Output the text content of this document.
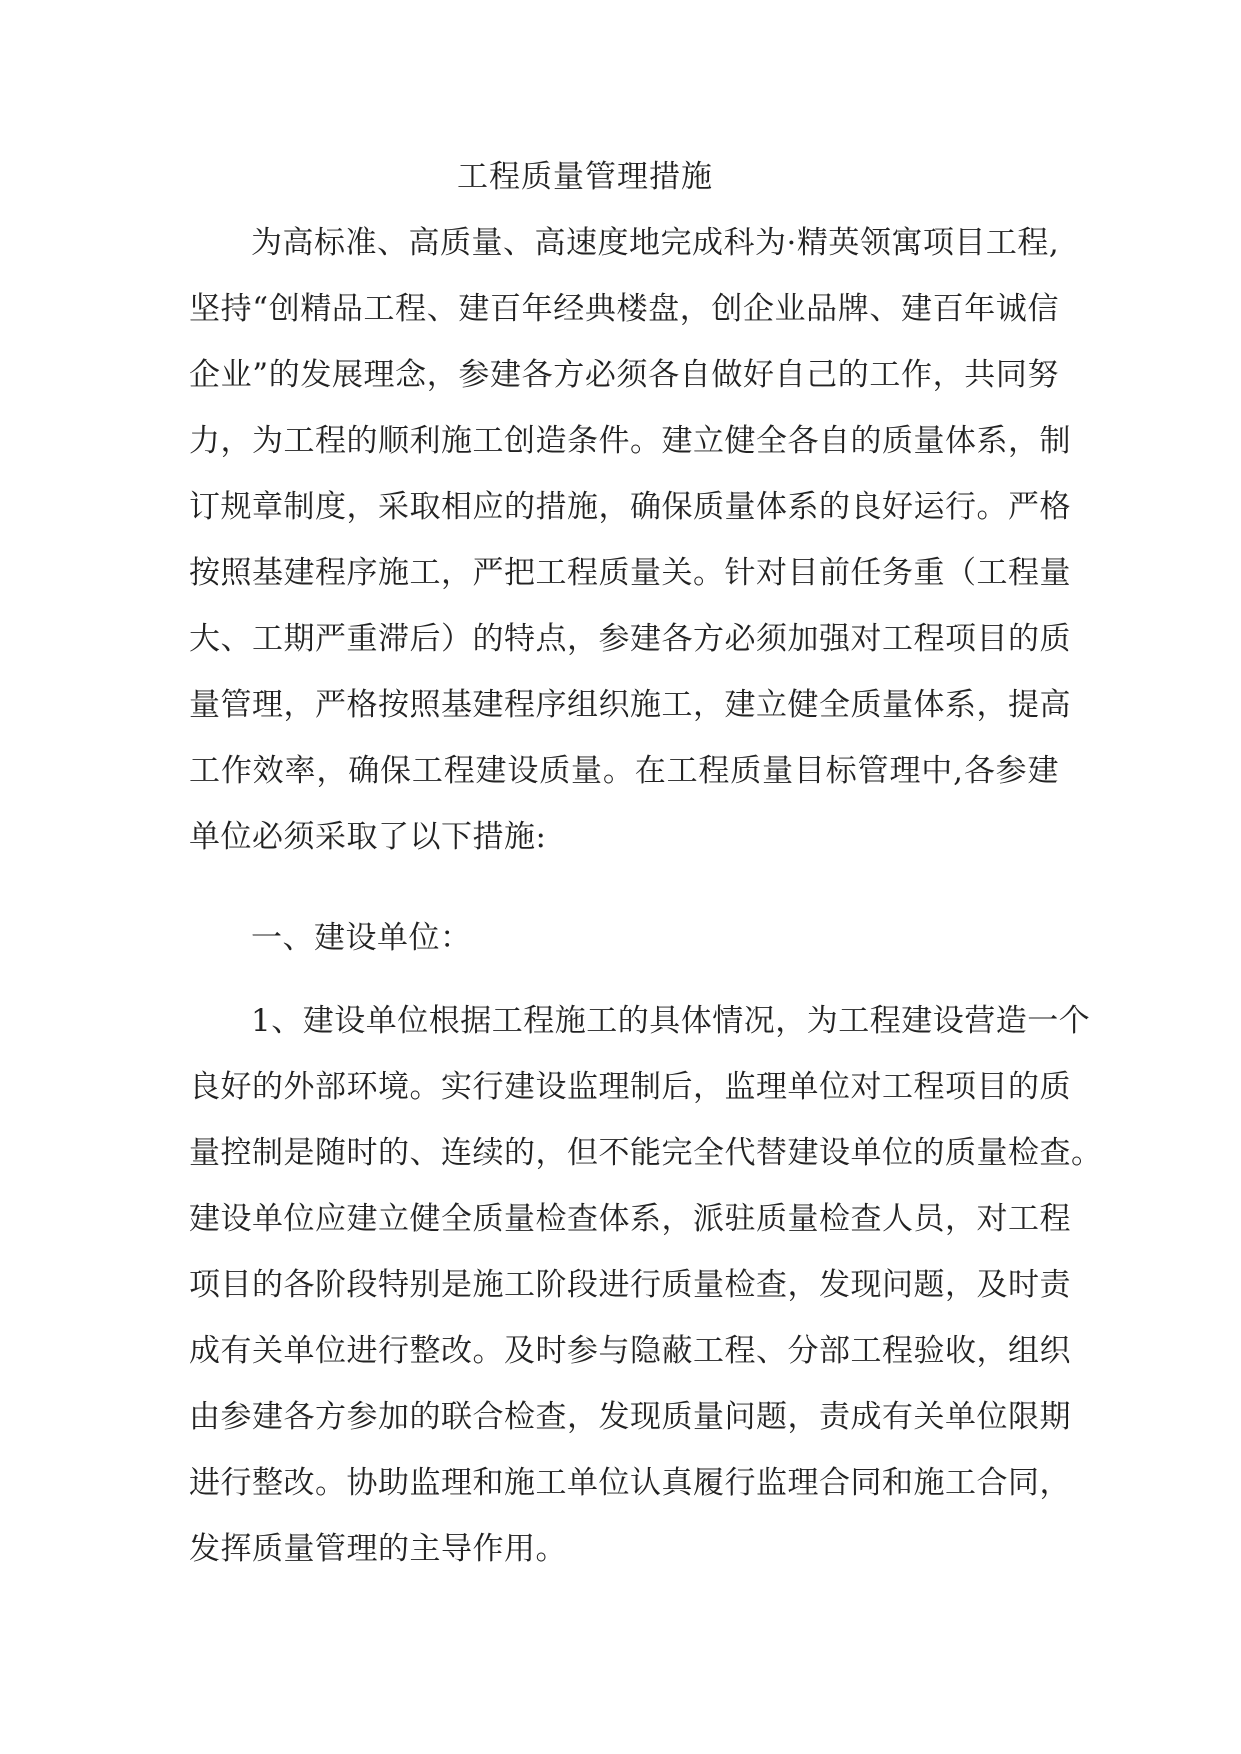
工程质量管理措施
为高标准、高质量、高速度地完成科为·精英领寓项目工程,
坚持“创精品工程、建百年经典楼盘，创企业品牌、建百年诚信
企业”的发展理念，参建各方必须各自做好自己的工作，共同努
力，为工程的顺利施工创造条件。建立健全各自的质量体系，制
订规章制度，采取相应的措施，确保质量体系的良好运行。严格
按照基建程序施工，严把工程质量关。针对目前任务重（工程量
大、工期严重滞后）的特点，参建各方必须加强对工程项目的质
量管理，严格按照基建程序组织施工，建立健全质量体系，提高
工作效率，确保工程建设质量。在工程质量目标管理中,各参建
单位必须采取了以下措施:
一、建设单位：
1、建设单位根据工程施工的具体情况，为工程建设营造一个
良好的外部环境。实行建设监理制后，监理单位对工程项目的质
量控制是随时的、连续的，但不能完全代替建设单位的质量检查。
建设单位应建立健全质量检查体系，派驻质量检查人员，对工程
项目的各阶段特别是施工阶段进行质量检查，发现问题，及时责
成有关单位进行整改。及时参与隐蔽工程、分部工程验收，组织
由参建各方参加的联合检查，发现质量问题，责成有关单位限期
进行整改。协助监理和施工单位认真履行监理合同和施工合同，
发挥质量管理的主导作用。
